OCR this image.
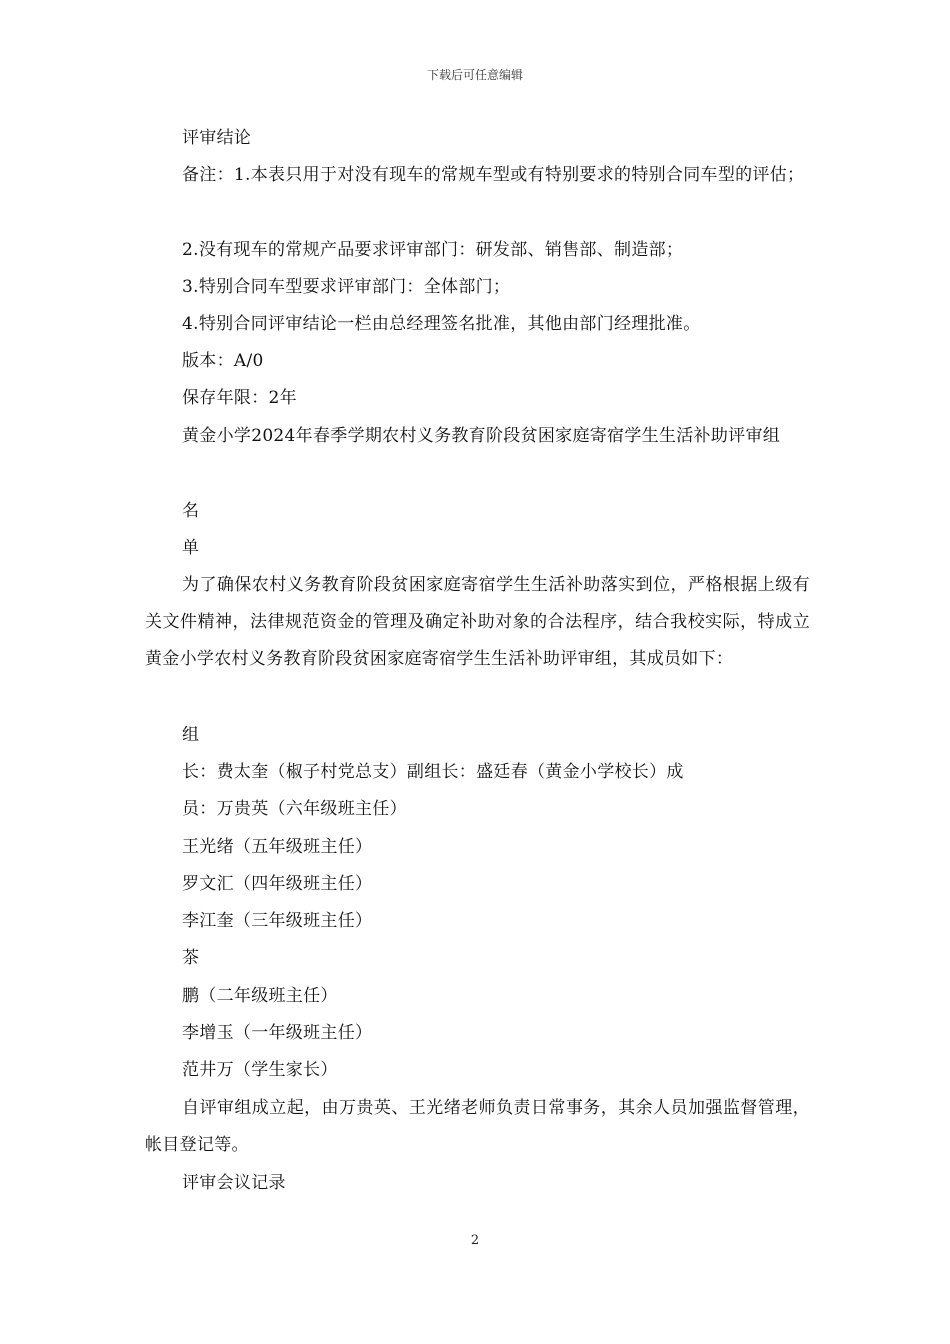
下载后可任意编辑
评审结论
备注：1.本表只用于对没有现车的常规车型或有特别要求的特别合同车型的评估；
2.没有现车的常规产品要求评审部门：研发部、销售部、制造部；
3.特别合同车型要求评审部门：全体部门；
4.特别合同评审结论一栏由总经理签名批准，其他由部门经理批准。
版本：A/0
保存年限：2年
黄金小学2024年春季学期农村义务教育阶段贫困家庭寄宿学生生活补助评审组
名
单
为了确保农村义务教育阶段贫困家庭寄宿学生生活补助落实到位，严格根据上级有关文件精神，法律规范资金的管理及确定补助对象的合法程序，结合我校实际，特成立黄金小学农村义务教育阶段贫困家庭寄宿学生生活补助评审组，其成员如下：
组
长：费太奎（椒子村党总支）副组长：盛廷春（黄金小学校长）成
员：万贵英（六年级班主任）
王光绪（五年级班主任）
罗文汇（四年级班主任）
李江奎（三年级班主任）
茶
鹏（二年级班主任）
李增玉（一年级班主任）
范井万（学生家长）
自评审组成立起，由万贵英、王光绪老师负责日常事务，其余人员加强监督管理，帐目登记等。
评审会议记录
2
